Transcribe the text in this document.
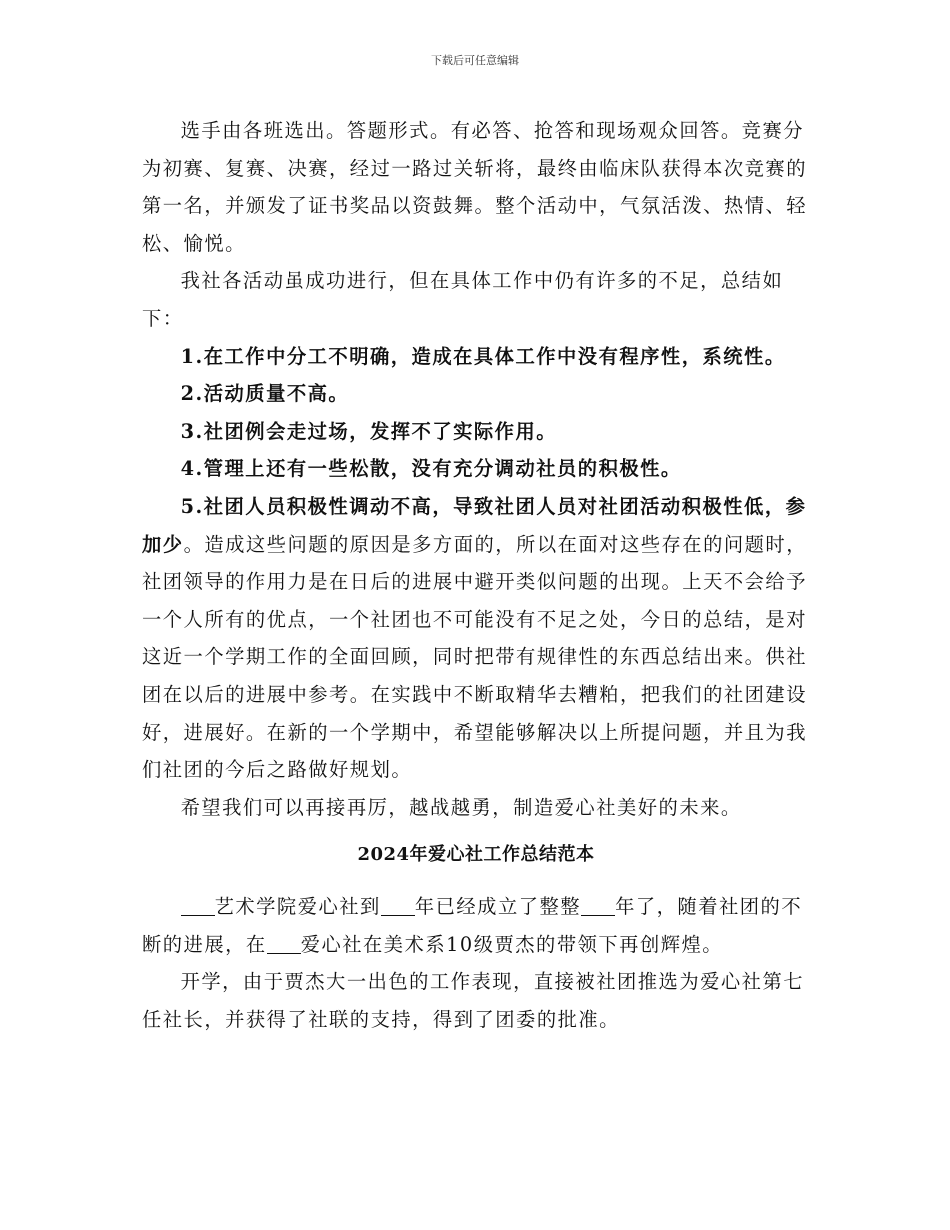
下载后可任意编辑

选手由各班选出。答题形式。有必答、抢答和现场观众回答。竞赛分为初赛、复赛、决赛，经过一路过关斩将，最终由临床队获得本次竞赛的第一名，并颁发了证书奖品以资鼓舞。整个活动中，气氛活泼、热情、轻松、愉悦。

我社各活动虽成功进行，但在具体工作中仍有许多的不足，总结如下：

1.在工作中分工不明确，造成在具体工作中没有程序性，系统性。

2.活动质量不高。

3.社团例会走过场，发挥不了实际作用。

4.管理上还有一些松散，没有充分调动社员的积极性。

5.社团人员积极性调动不高，导致社团人员对社团活动积极性低，参加少。造成这些问题的原因是多方面的，所以在面对这些存在的问题时，社团领导的作用力是在日后的进展中避开类似问题的出现。上天不会给予一个人所有的优点，一个社团也不可能没有不足之处，今日的总结，是对这近一个学期工作的全面回顾，同时把带有规律性的东西总结出来。供社团在以后的进展中参考。在实践中不断取精华去糟粕，把我们的社团建设好，进展好。在新的一个学期中，希望能够解决以上所提问题，并且为我们社团的今后之路做好规划。

希望我们可以再接再厉，越战越勇，制造爱心社美好的未来。

2024年爱心社工作总结范本

艺术学院爱心社到 年已经成立了整整 年了，随着社团的不断的进展，在 爱心社在美术系10级贾杰的带领下再创辉煌。

开学，由于贾杰大一出色的工作表现，直接被社团推选为爱心社第七任社长，并获得了社联的支持，得到了团委的批准。
